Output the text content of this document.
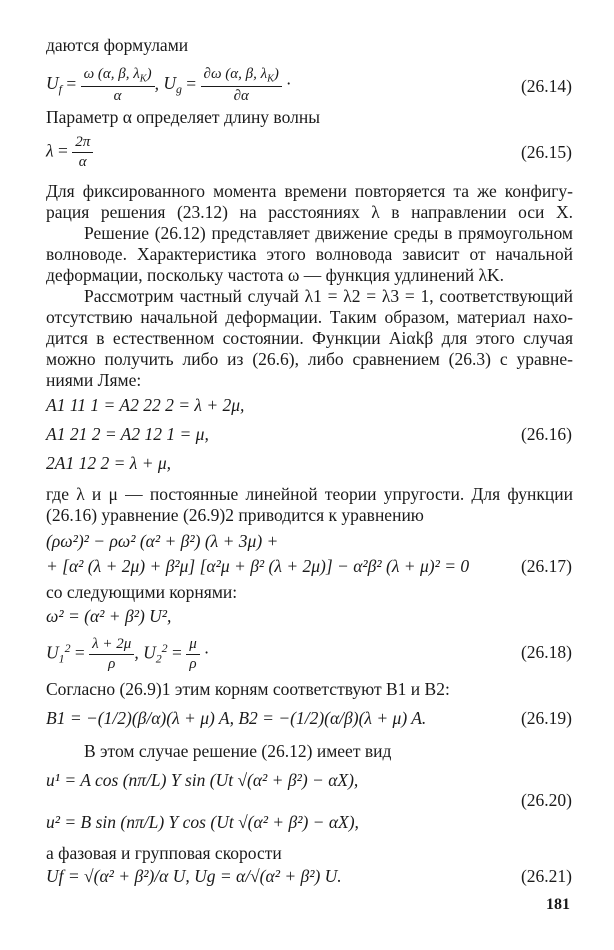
даются формулами
$U_f = \frac{\omega (\alpha, \beta, \lambda_K)}{\alpha}$ , $U_g = \frac{\partial\omega (\alpha, \beta, \lambda_K)}{\partial\alpha}$ ·	(26.14)
Параметр α определяет длину волны
$\lambda = \frac{2\pi}{\alpha}$	(26.15)
Для фиксированного момента времени повторяется та же конфигу-
рация решения (23.12) на расстояниях λ в направлении оси X.
Решение (26.12) представляет движение среды в прямоугольном
волноводе. Характеристика этого волновода зависит от начальной
деформации, поскольку частота ω — функция удлинений λK.
Рассмотрим частный случай λ1 = λ2 = λ3 = 1, соответствующий
отсутствию начальной деформации. Таким образом, материал нахо-
дится в естественном состоянии. Функции Aiαkβ для этого случая
можно получить либо из (26.6), либо сравнением (26.3) с уравне-
ниями Ляме:
A1 11 1 = A2 22 2 = λ + 2μ,
A1 21 2 = A2 12 1 = μ,	(26.16)
2A1 12 2 = λ + μ,
где λ и μ — постоянные линейной теории упругости. Для функции
(26.16) уравнение (26.9)2 приводится к уравнению
(ρω²)² − ρω² (α² + β²) (λ + 3μ) +
+ [α² (λ + 2μ) + β²μ] [α²μ + β² (λ + 2μ)] − α²β² (λ + μ)² = 0	(26.17)
со следующими корнями:
ω² = (α² + β²) U²,
$U_1^2 = \frac{\lambda + 2\mu}{\rho}$ , $U_2^2 = \frac{\mu}{\rho}$ ·	(26.18)
Согласно (26.9)1 этим корням соответствуют B1 и B2:
B1 = −(1/2)(β/α)(λ + μ) A, B2 = −(1/2)(α/β)(λ + μ) A.	(26.19)
В этом случае решение (26.12) имеет вид
u¹ = A cos (nπ/L) Y sin (Ut √(α² + β²) − αX),
(26.20)
u² = B sin (nπ/L) Y cos (Ut √(α² + β²) − αX),
а фазовая и групповая скорости
Uf = √(α² + β²)/α U, Ug = α/√(α² + β²) U.	(26.21)
181
